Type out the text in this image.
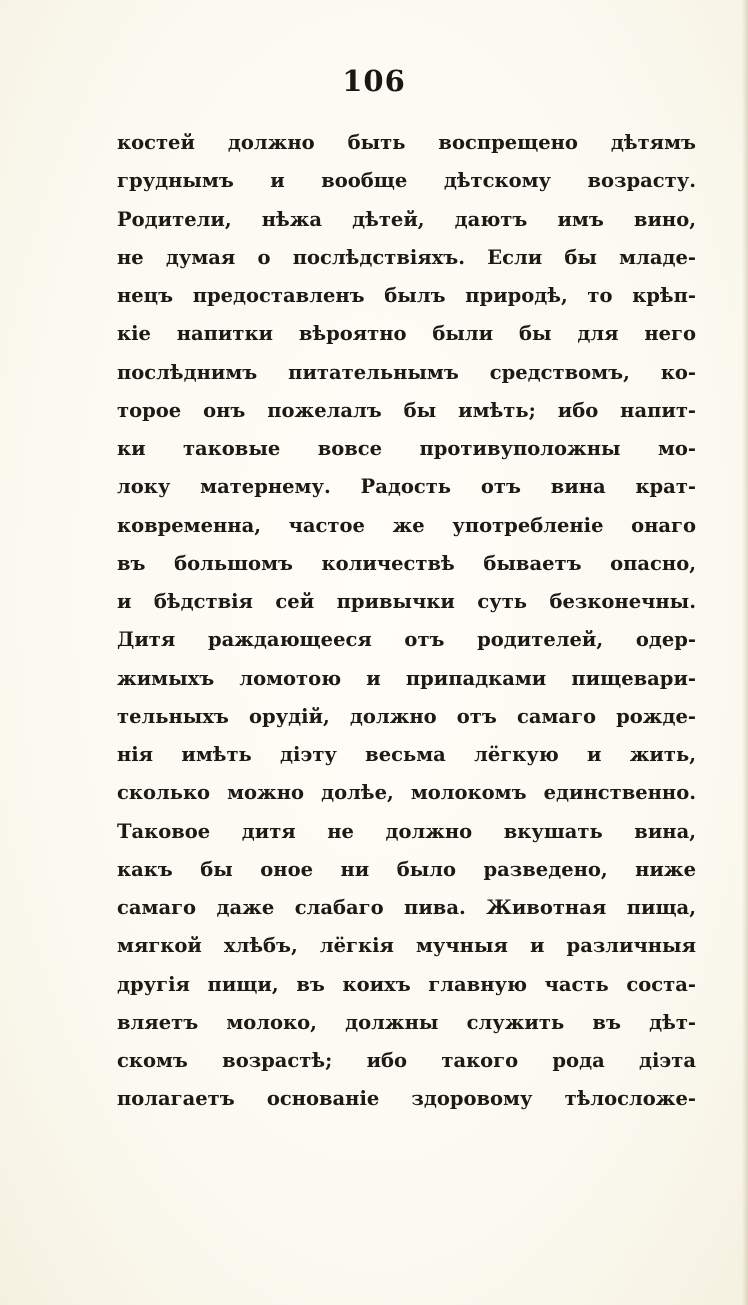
106
костей должно быть воспрещено дѣтямъ
груднымъ и вообще дѣтскому возрасту.
Родители, нѣжа дѣтей, даютъ имъ вино,
не думая о послѣдствіяхъ. Если бы младе-
нецъ предоставленъ былъ природѣ, то крѣп-
кіе напитки вѣроятно были бы для него
послѣднимъ питательнымъ средствомъ, ко-
торое онъ пожелалъ бы имѣть; ибо напит-
ки таковые вовсе противуположны мо-
локу матернему. Радость отъ вина крат-
ковременна, частое же употребленіе онаго
въ большомъ количествѣ бываетъ опасно,
и бѣдствія сей привычки суть безконечны.
Дитя раждающееся отъ родителей, одер-
жимыхъ ломотою и припадками пищевари-
тельныхъ орудій, должно отъ самаго рожде-
нія имѣть діэту весьма лёгкую и жить,
сколько можно долѣе, молокомъ единственно.
Таковое дитя не должно вкушать вина,
какъ бы оное ни было разведено, ниже
самаго даже слабаго пива. Животная пища,
мягкой хлѣбъ, лёгкія мучныя и различныя
другія пищи, въ коихъ главную часть соста-
вляетъ молоко, должны служить въ дѣт-
скомъ возрастѣ; ибо такого рода діэта
полагаетъ основаніе здоровому тѣлосложе-
